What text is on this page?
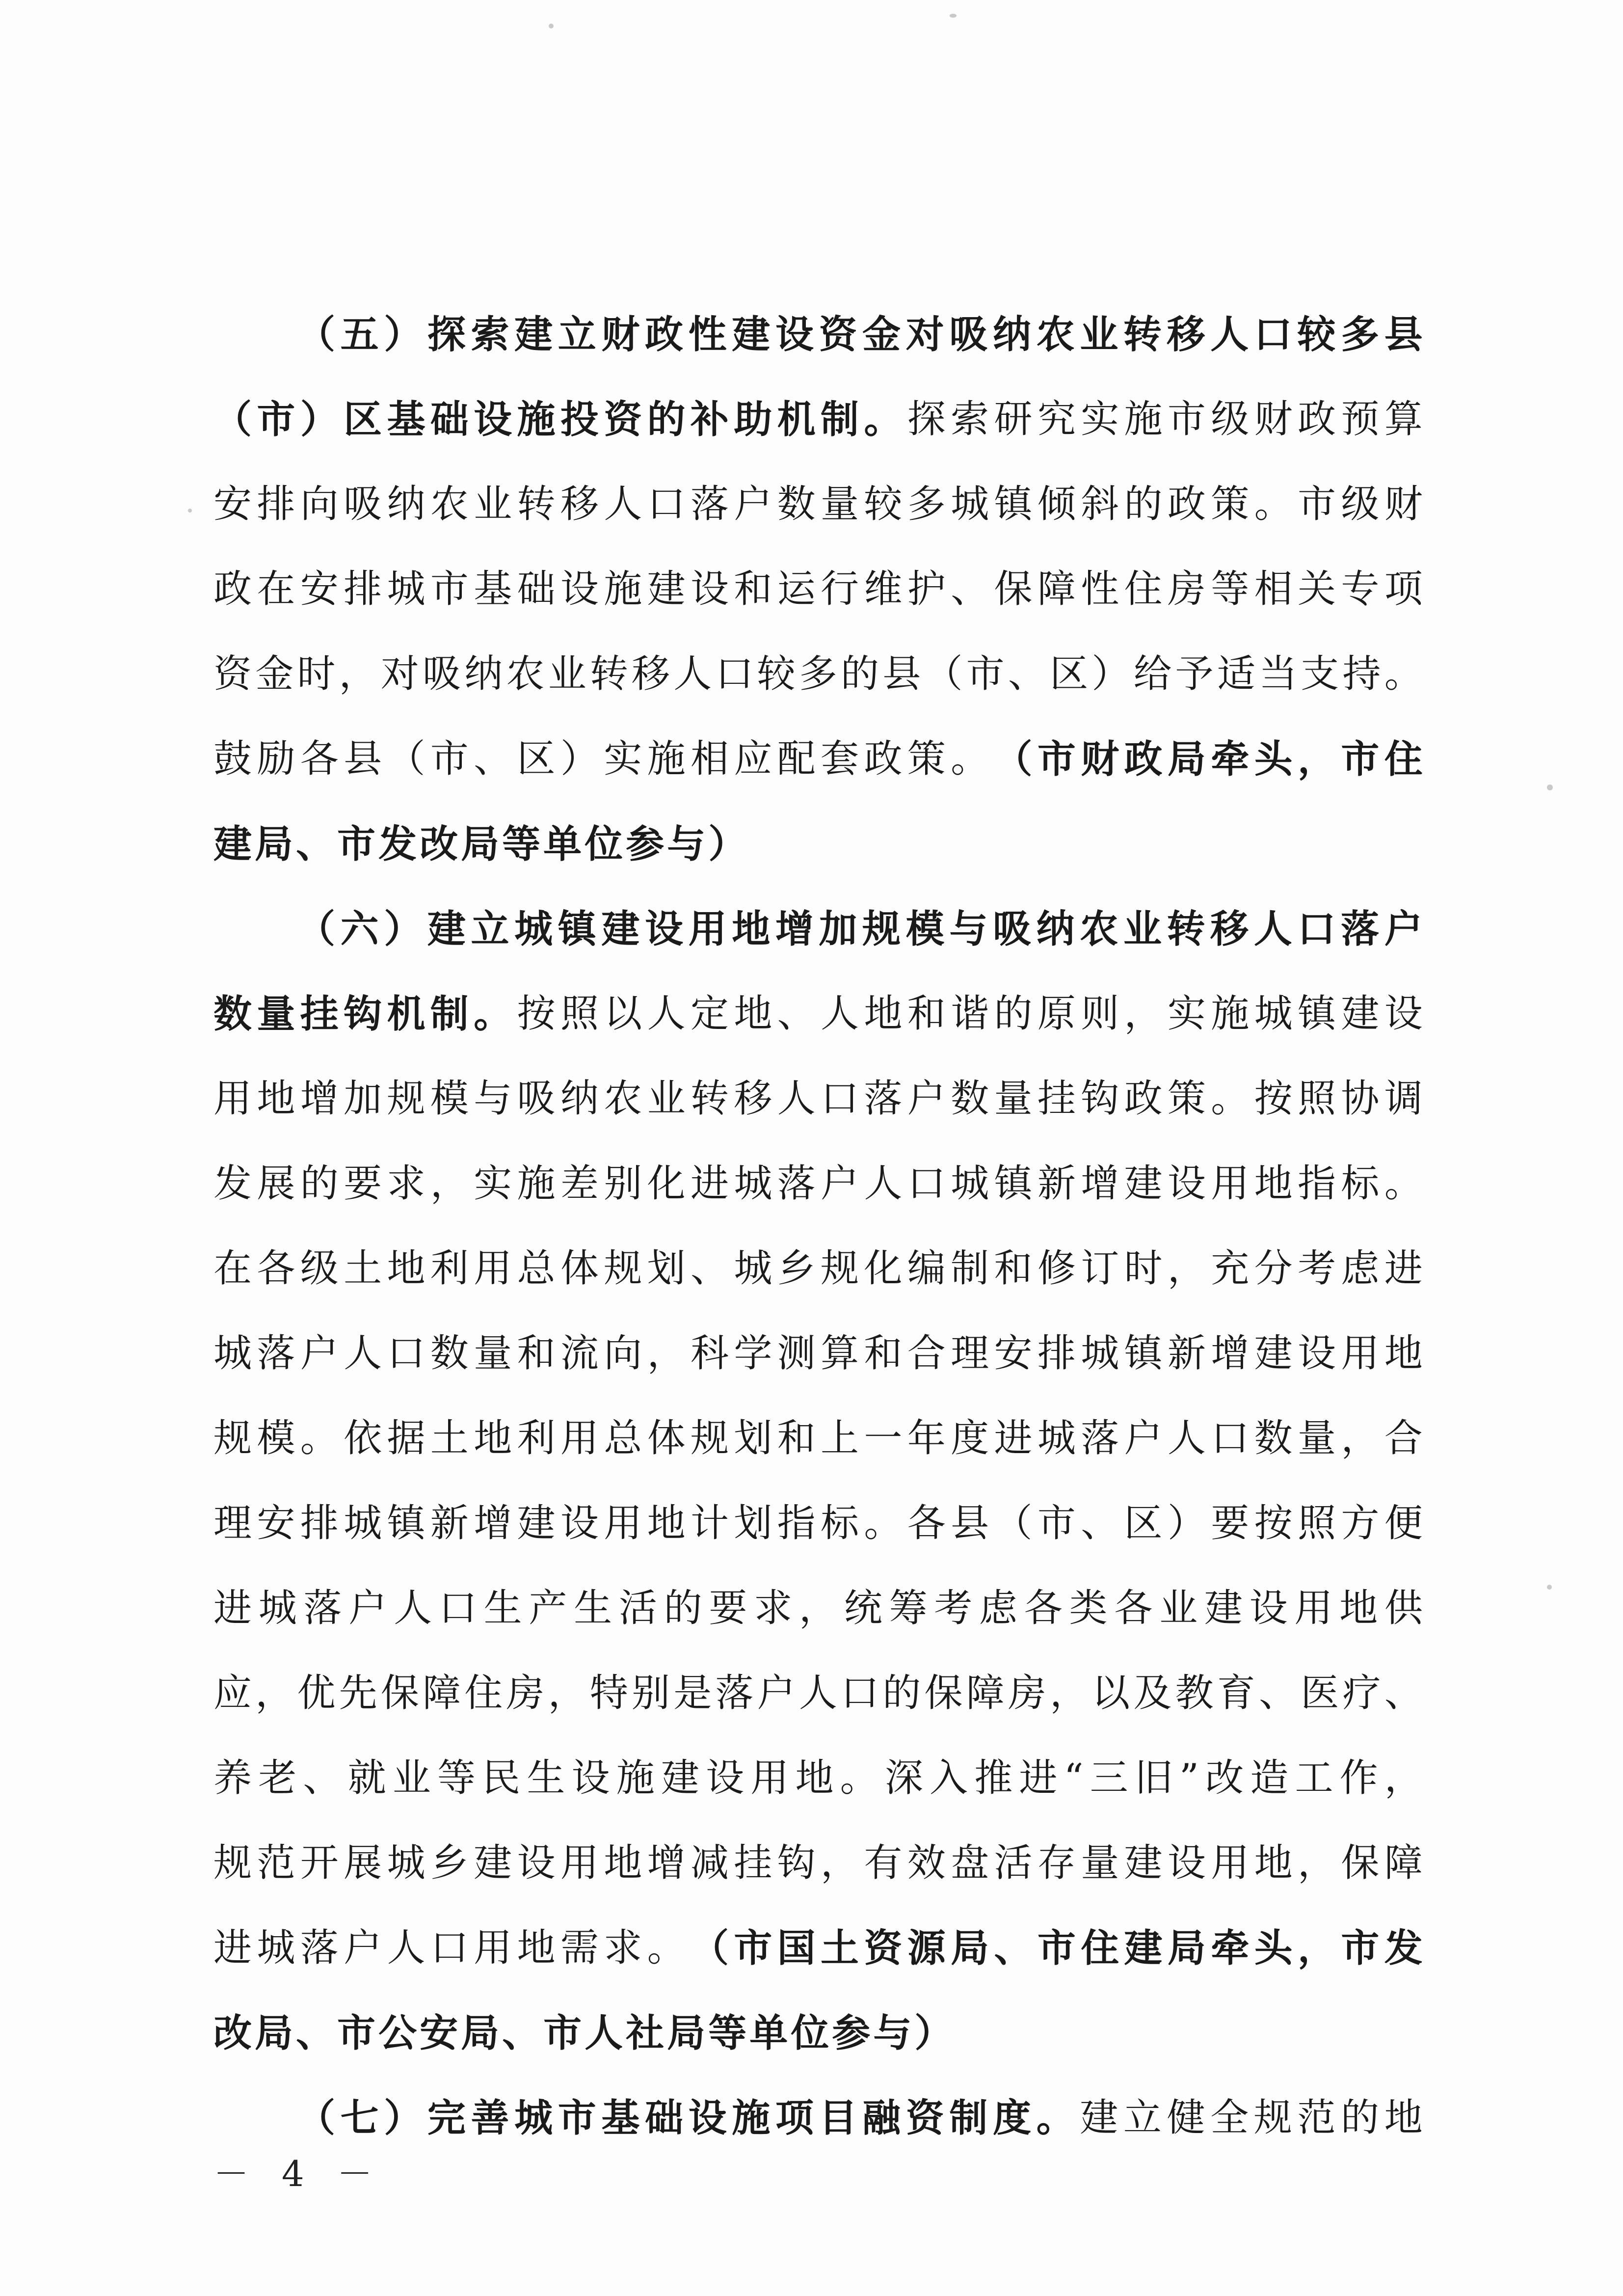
（ 五 ） 探 索 建 立 财 政 性 建 设 资 金 对 吸 纳 农 业 转 移 人 口 较 多 县
（ 市 ） 区 基 础 设 施 投 资 的 补 助 机 制 。 探 索 研 究 实 施 市 级 财 政 预 算
安 排 向 吸 纳 农 业 转 移 人 口 落 户 数 量 较 多 城 镇 倾 斜 的 政 策 。 市 级 财
政 在 安 排 城 市 基 础 设 施 建 设 和 运 行 维 护 、 保 障 性 住 房 等 相 关 专 项
资 金 时 ， 对 吸 纳 农 业 转 移 人 口 较 多 的 县 （ 市 、 区 ） 给 予 适 当 支 持 。
鼓 励 各 县 （ 市 、 区 ） 实 施 相 应 配 套 政 策 。 （ 市 财 政 局 牵 头 ， 市 住
建 局 、 市 发 改 局 等 单 位 参 与 ）
（ 六 ） 建 立 城 镇 建 设 用 地 增 加 规 模 与 吸 纳 农 业 转 移 人 口 落 户
数 量 挂 钩 机 制 。 按 照 以 人 定 地 、 人 地 和 谐 的 原 则 ， 实 施 城 镇 建 设
用 地 增 加 规 模 与 吸 纳 农 业 转 移 人 口 落 户 数 量 挂 钩 政 策 。 按 照 协 调
发 展 的 要 求 ， 实 施 差 别 化 进 城 落 户 人 口 城 镇 新 增 建 设 用 地 指 标 。
在 各 级 土 地 利 用 总 体 规 划 、 城 乡 规 化 编 制 和 修 订 时 ， 充 分 考 虑 进
城 落 户 人 口 数 量 和 流 向 ， 科 学 测 算 和 合 理 安 排 城 镇 新 增 建 设 用 地
规 模 。 依 据 土 地 利 用 总 体 规 划 和 上 一 年 度 进 城 落 户 人 口 数 量 ， 合
理 安 排 城 镇 新 增 建 设 用 地 计 划 指 标 。 各 县 （ 市 、 区 ） 要 按 照 方 便
进 城 落 户 人 口 生 产 生 活 的 要 求 ， 统 筹 考 虑 各 类 各 业 建 设 用 地 供
应 ， 优 先 保 障 住 房 ， 特 别 是 落 户 人 口 的 保 障 房 ， 以 及 教 育 、 医 疗 、
养 老 、 就 业 等 民 生 设 施 建 设 用 地 。 深 入 推 进 “ 三 旧 ” 改 造 工 作 ，
规 范 开 展 城 乡 建 设 用 地 增 减 挂 钩 ， 有 效 盘 活 存 量 建 设 用 地 ， 保 障
进 城 落 户 人 口 用 地 需 求 。 （ 市 国 土 资 源 局 、 市 住 建 局 牵 头 ， 市 发
改 局 、 市 公 安 局 、 市 人 社 局 等 单 位 参 与 ）
（ 七 ） 完 善 城 市 基 础 设 施 项 目 融 资 制 度 。 建 立 健 全 规 范 的 地
－ 4 －
